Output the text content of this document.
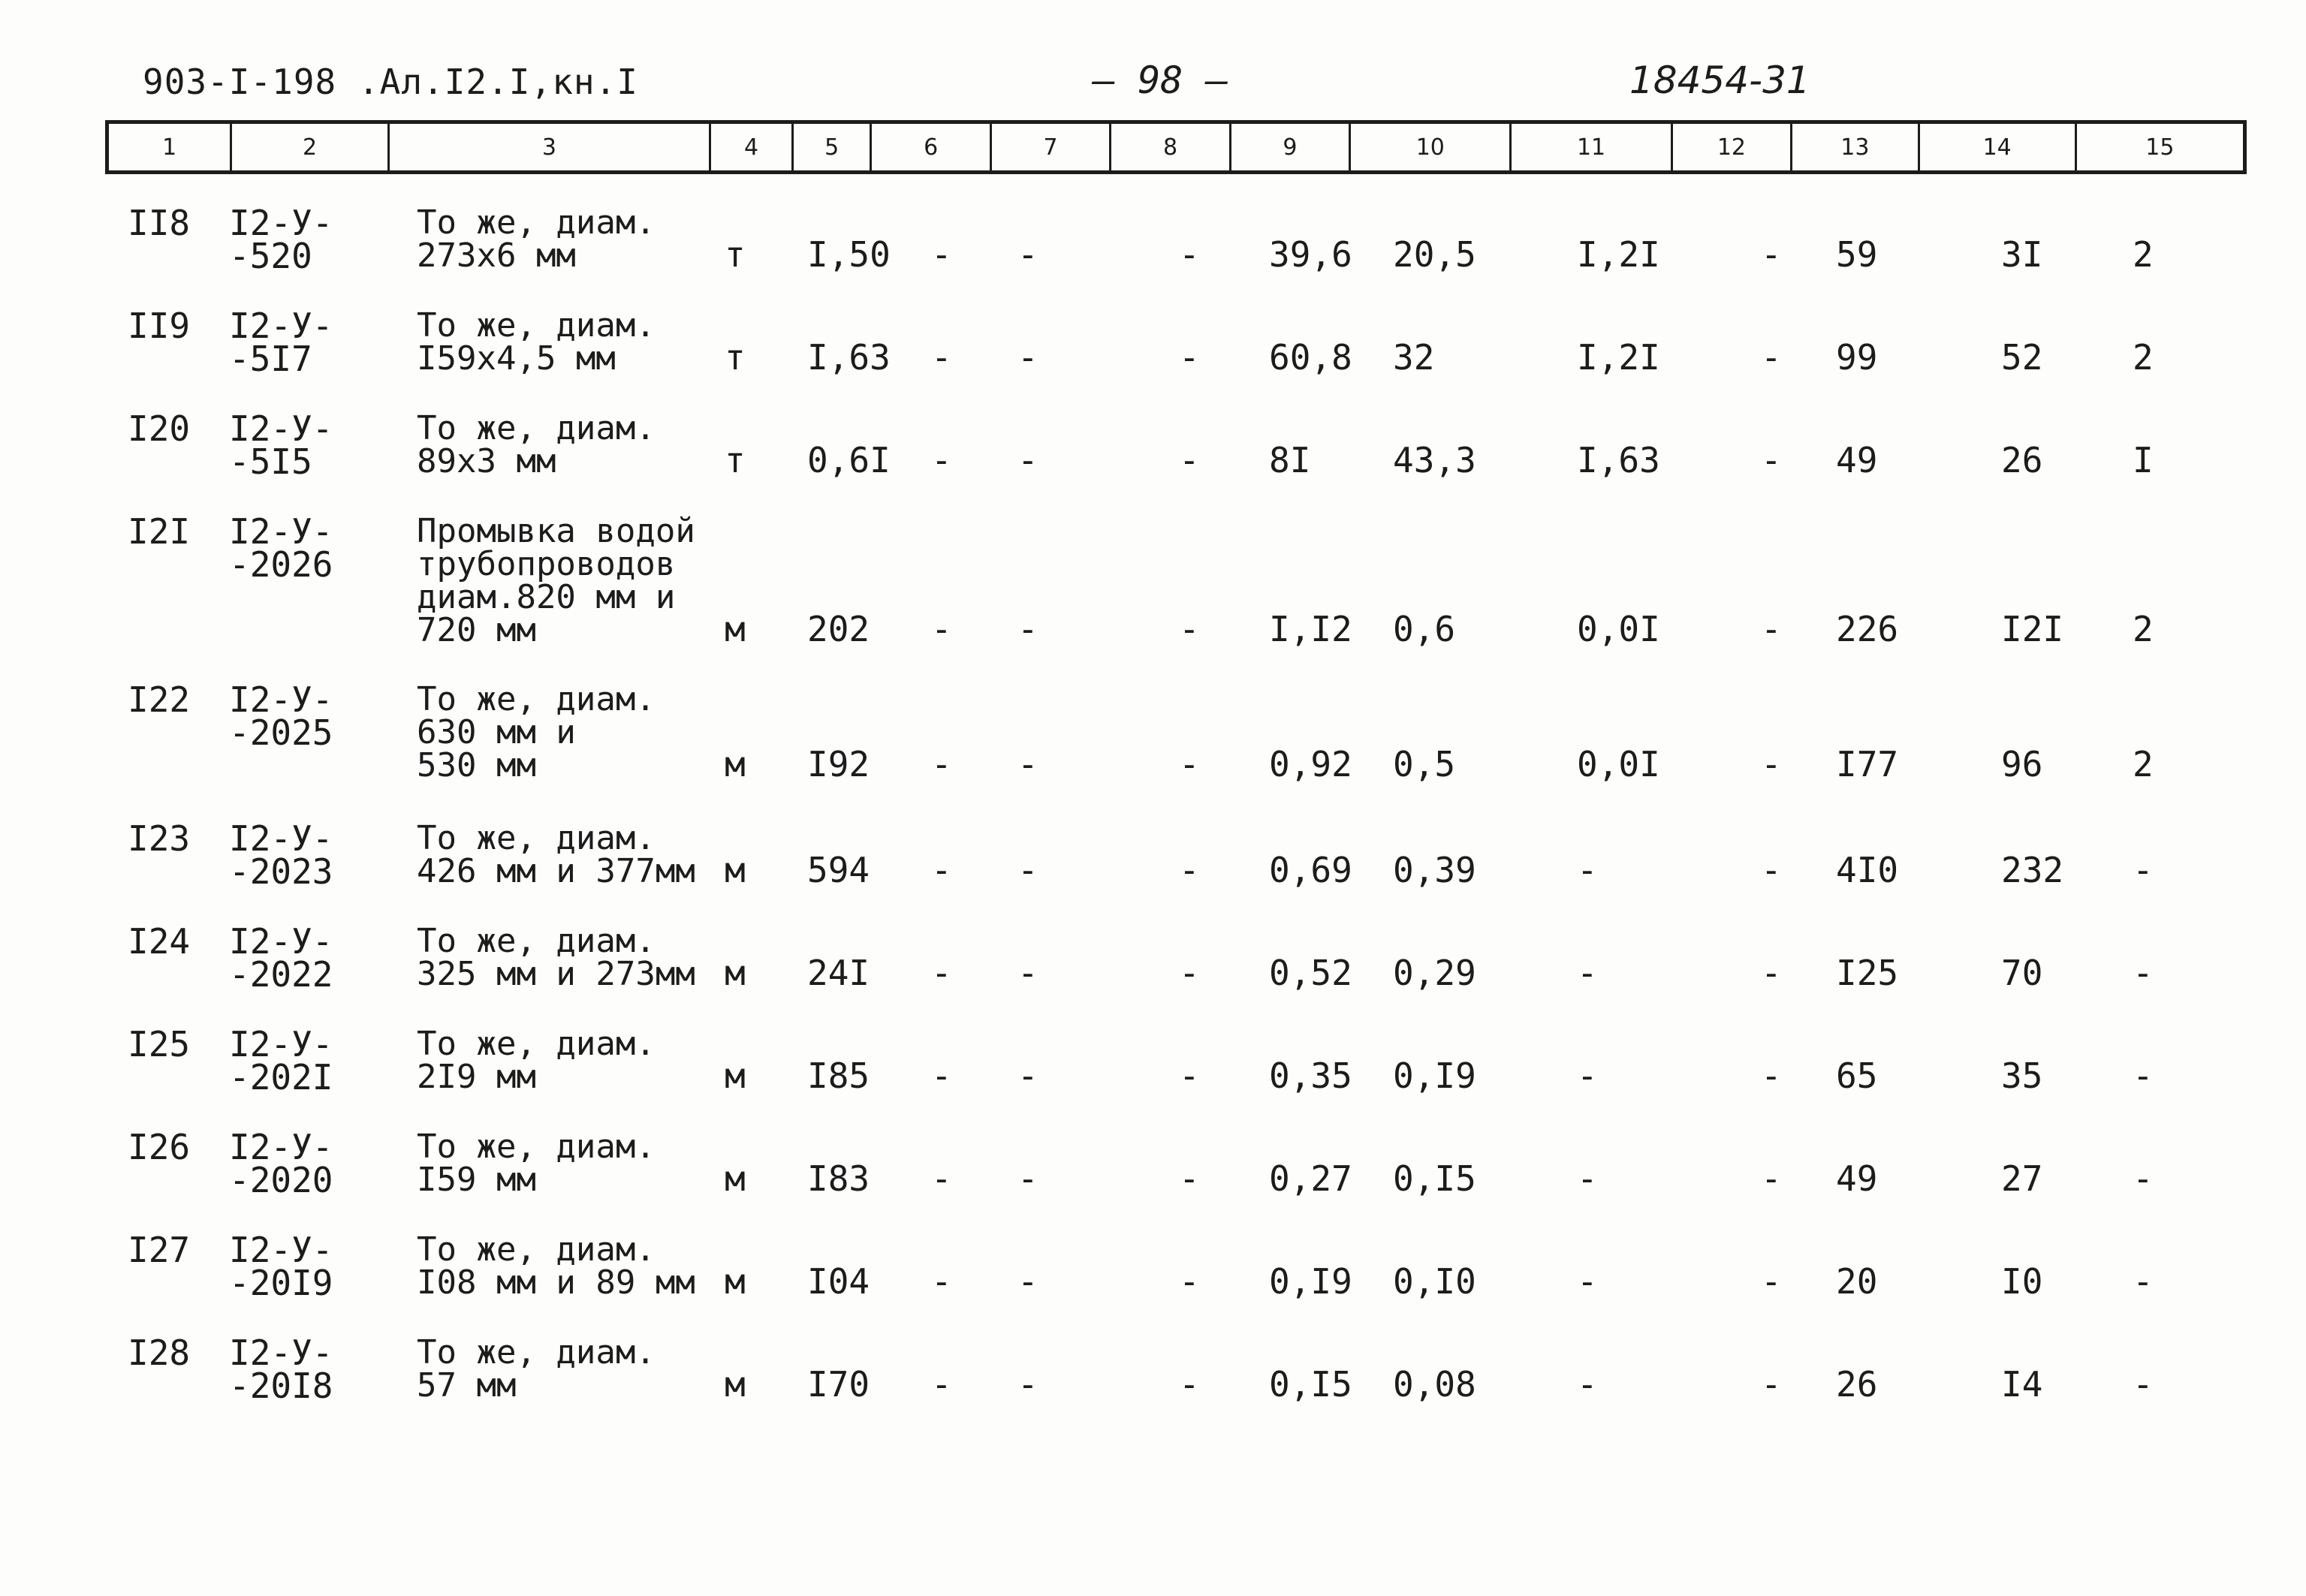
903-I-198 .Ал.I2.I,кн.I	— 98 —	18454-31
1	2	3	4	5	6	7	8	9	10	11	12	13	14	15
II8 I2-У-
-520
То же, диам.
273х6 мм	т I,50 - -	- 39,6 20,5	I,2I	- 59	3I	2
II9 I2-У-
-5I7
То же, диам.
I59х4,5 мм	т I,63 - -	- 60,8 32	I,2I	- 99	52	2
I20 I2-У-
-5I5
То же, диам.
89х3 мм	т 0,6I - -	- 8I 43,3	I,63	- 49	26	I
I2I I2-У-
-2026
Промывка водой
трубопроводов
диам.820 мм и
720 мм	м 202 - -	- I,I2 0,6	0,0I	- 226	I2I 2
I22 I2-У-
-2025
То же, диам.
630 мм и
530 мм	м I92 - -	- 0,92 0,5	0,0I	- I77	96	2
I23 I2-У-
-2023
То же, диам.
426 мм и 377мм м 594 - -	- 0,69 0,39	-	- 4I0	232 -
I24 I2-У-
-2022
То же, диам.
325 мм и 273мм м 24I - -	- 0,52 0,29	-	- I25	70	-
I25 I2-У-
-202I
То же, диам.
2I9 мм	м I85 - -	- 0,35 0,I9	-	- 65	35	-
I26 I2-У-
-2020
То же, диам.
I59 мм	м I83 - -	- 0,27 0,I5	-	- 49	27	-
I27 I2-У-
-20I9
То же, диам.
I08 мм и 89 мм м I04 - -	- 0,I9 0,I0	-	- 20	I0	-
I28 I2-У-
-20I8
То же, диам.
57 мм	м I70 - -	- 0,I5 0,08	-	- 26	I4	-
